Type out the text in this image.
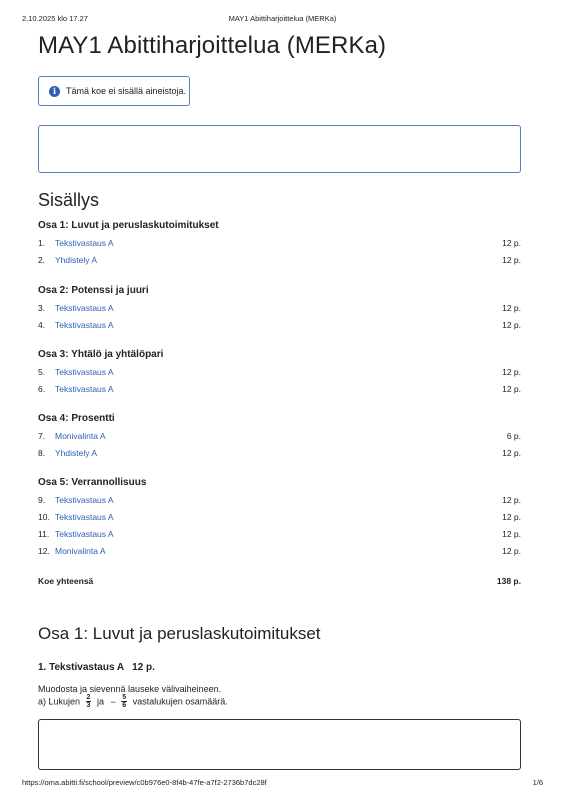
2.10.2025 klo 17.27	MAY1 Abittiharjoittelua (MERKa)
MAY1 Abittiharjoittelua (MERKa)
i	Tämä koe ei sisällä aineistoja.
Sisällys
Osa 1: Luvut ja peruslaskutoimitukset
1. Tekstivastaus A	12 p.
2. Yhdistely A	12 p.
Osa 2: Potenssi ja juuri
3. Tekstivastaus A	12 p.
4. Tekstivastaus A	12 p.
Osa 3: Yhtälö ja yhtälöpari
5. Tekstivastaus A	12 p.
6. Tekstivastaus A	12 p.
Osa 4: Prosentti
7. Monivalinta A	6 p.
8. Yhdistely A	12 p.
Osa 5: Verrannollisuus
9. Tekstivastaus A	12 p.
10. Tekstivastaus A	12 p.
11. Tekstivastaus A	12 p.
12. Monivalinta A	12 p.
Koe yhteensä	138 p.
Osa 1: Luvut ja peruslaskutoimitukset
1. Tekstivastaus A 12 p.
Muodosta ja sievennä lauseke välivaiheineen.
a) Lukujen $\frac{2}{3}$ ja − $\frac{5}{6}$ vastalukujen osamäärä.
https://oma.abitti.fi/school/preview/c0b976e0-8f4b-47fe-a7f2-2736b7dc28f	1/6
